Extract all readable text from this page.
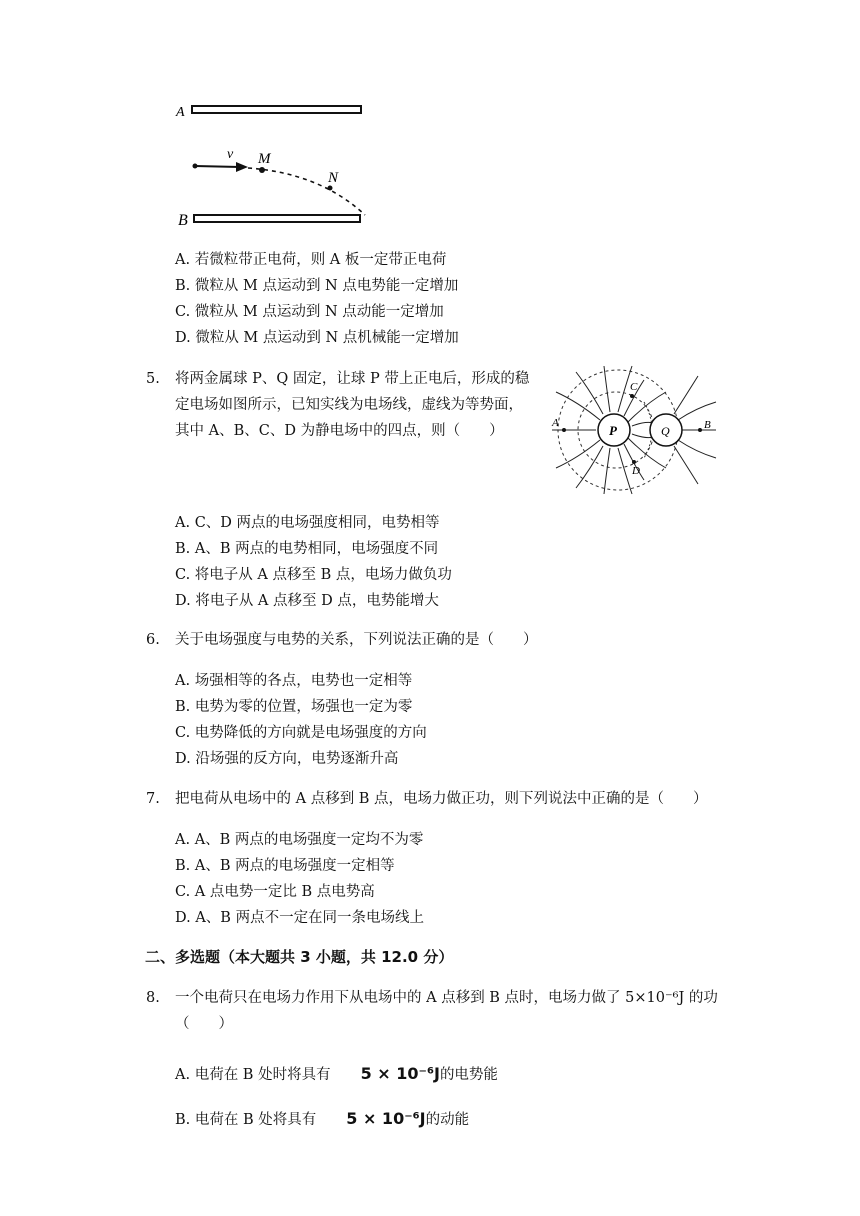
A
B
v M
N
A. 若微粒带正电荷，则 A 板一定带正电荷
B. 微粒从 M 点运动到 N 点电势能一定增加
C. 微粒从 M 点运动到 N 点动能一定增加
D. 微粒从 M 点运动到 N 点机械能一定增加
5. 将两金属球 P、Q 固定，让球 P 带上正电后，形成的稳
定电场如图所示，已知实线为电场线，虚线为等势面，
其中 A、B、C、D 为静电场中的四点，则（　　）	P	Q
A	B
C
D
A. C、D 两点的电场强度相同，电势相等
B. A、B 两点的电势相同，电场强度不同
C. 将电子从 A 点移至 B 点，电场力做负功
D. 将电子从 A 点移至 D 点，电势能增大
6. 关于电场强度与电势的关系，下列说法正确的是（　　）
A. 场强相等的各点，电势也一定相等
B. 电势为零的位置，场强也一定为零
C. 电势降低的方向就是电场强度的方向
D. 沿场强的反方向，电势逐渐升高
7. 把电荷从电场中的 A 点移到 B 点，电场力做正功，则下列说法中正确的是（　　）
A. A、B 两点的电场强度一定均不为零
B. A、B 两点的电场强度一定相等
C. A 点电势一定比 B 点电势高
D. A、B 两点不一定在同一条电场线上
二、多选题（本大题共 3 小题，共 12.0 分）
8. 一个电荷只在电场力作用下从电场中的 A 点移到 B 点时，电场力做了 5×10⁻⁶J 的功
（　　）
A. 电荷在 B 处时将具有 5 × 10⁻⁶J的电势能
B. 电荷在 B 处将具有 5 × 10⁻⁶J的动能
